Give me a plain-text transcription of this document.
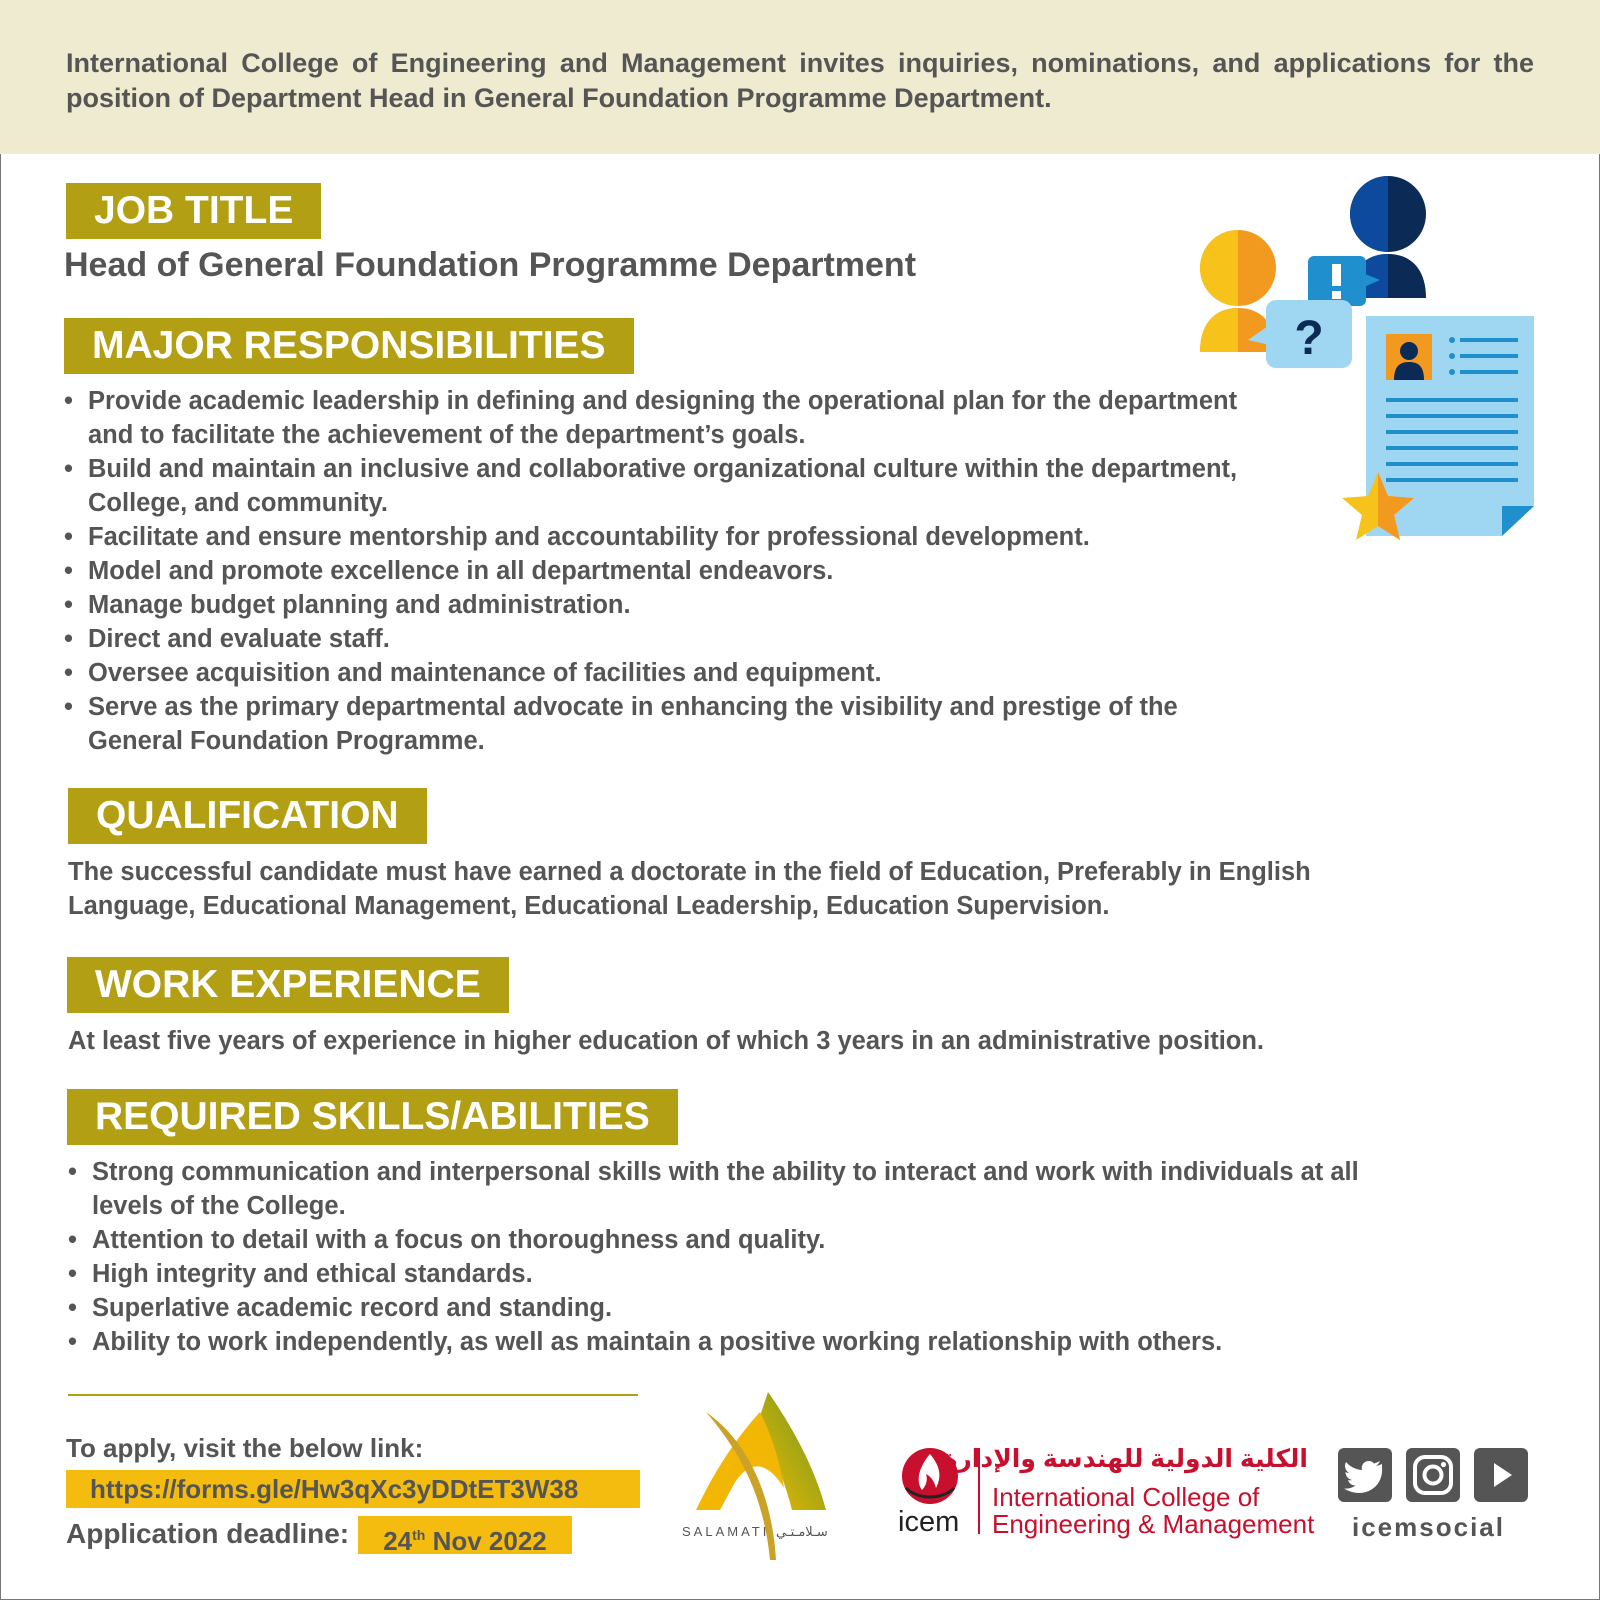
International College of Engineering and Management invites inquiries, nominations, and applications for the position of Department Head in General Foundation Programme Department.

JOB TITLE
Head of General Foundation Programme Department
MAJOR RESPONSIBILITIES
• Provide academic leadership in defining and designing the operational plan for the department and to facilitate the achievement of the department’s goals.
• Build and maintain an inclusive and collaborative organizational culture within the department, College, and community.
• Facilitate and ensure mentorship and accountability for professional development.
• Model and promote excellence in all departmental endeavors.
• Manage budget planning and administration.
• Direct and evaluate staff.
• Oversee acquisition and maintenance of facilities and equipment.
• Serve as the primary departmental advocate in enhancing the visibility and prestige of the General Foundation Programme.
QUALIFICATION

The successful candidate must have earned a doctorate in the field of Education, Preferably in English Language, Educational Management, Educational Leadership, Education Supervision.

WORK EXPERIENCE

At least five years of experience in higher education of which 3 years in an administrative position.

REQUIRED SKILLS/ABILITIES
• Strong communication and interpersonal skills with the ability to interact and work with individuals at all levels of the College.
• Attention to detail with a focus on thoroughness and quality.
• High integrity and ethical standards.
• Superlative academic record and standing.
• Ability to work independently, as well as maintain a positive working relationship with others.
To apply, visit the below link:
https://forms.gle/Hw3qXc3yDDtET3W38
Application deadline:	24th Nov 2022	SALAMATI سـلامـتـي icem
الكلية الدولية للهندسة والإدارة
International College of
Engineering & Management icemsocial
?
